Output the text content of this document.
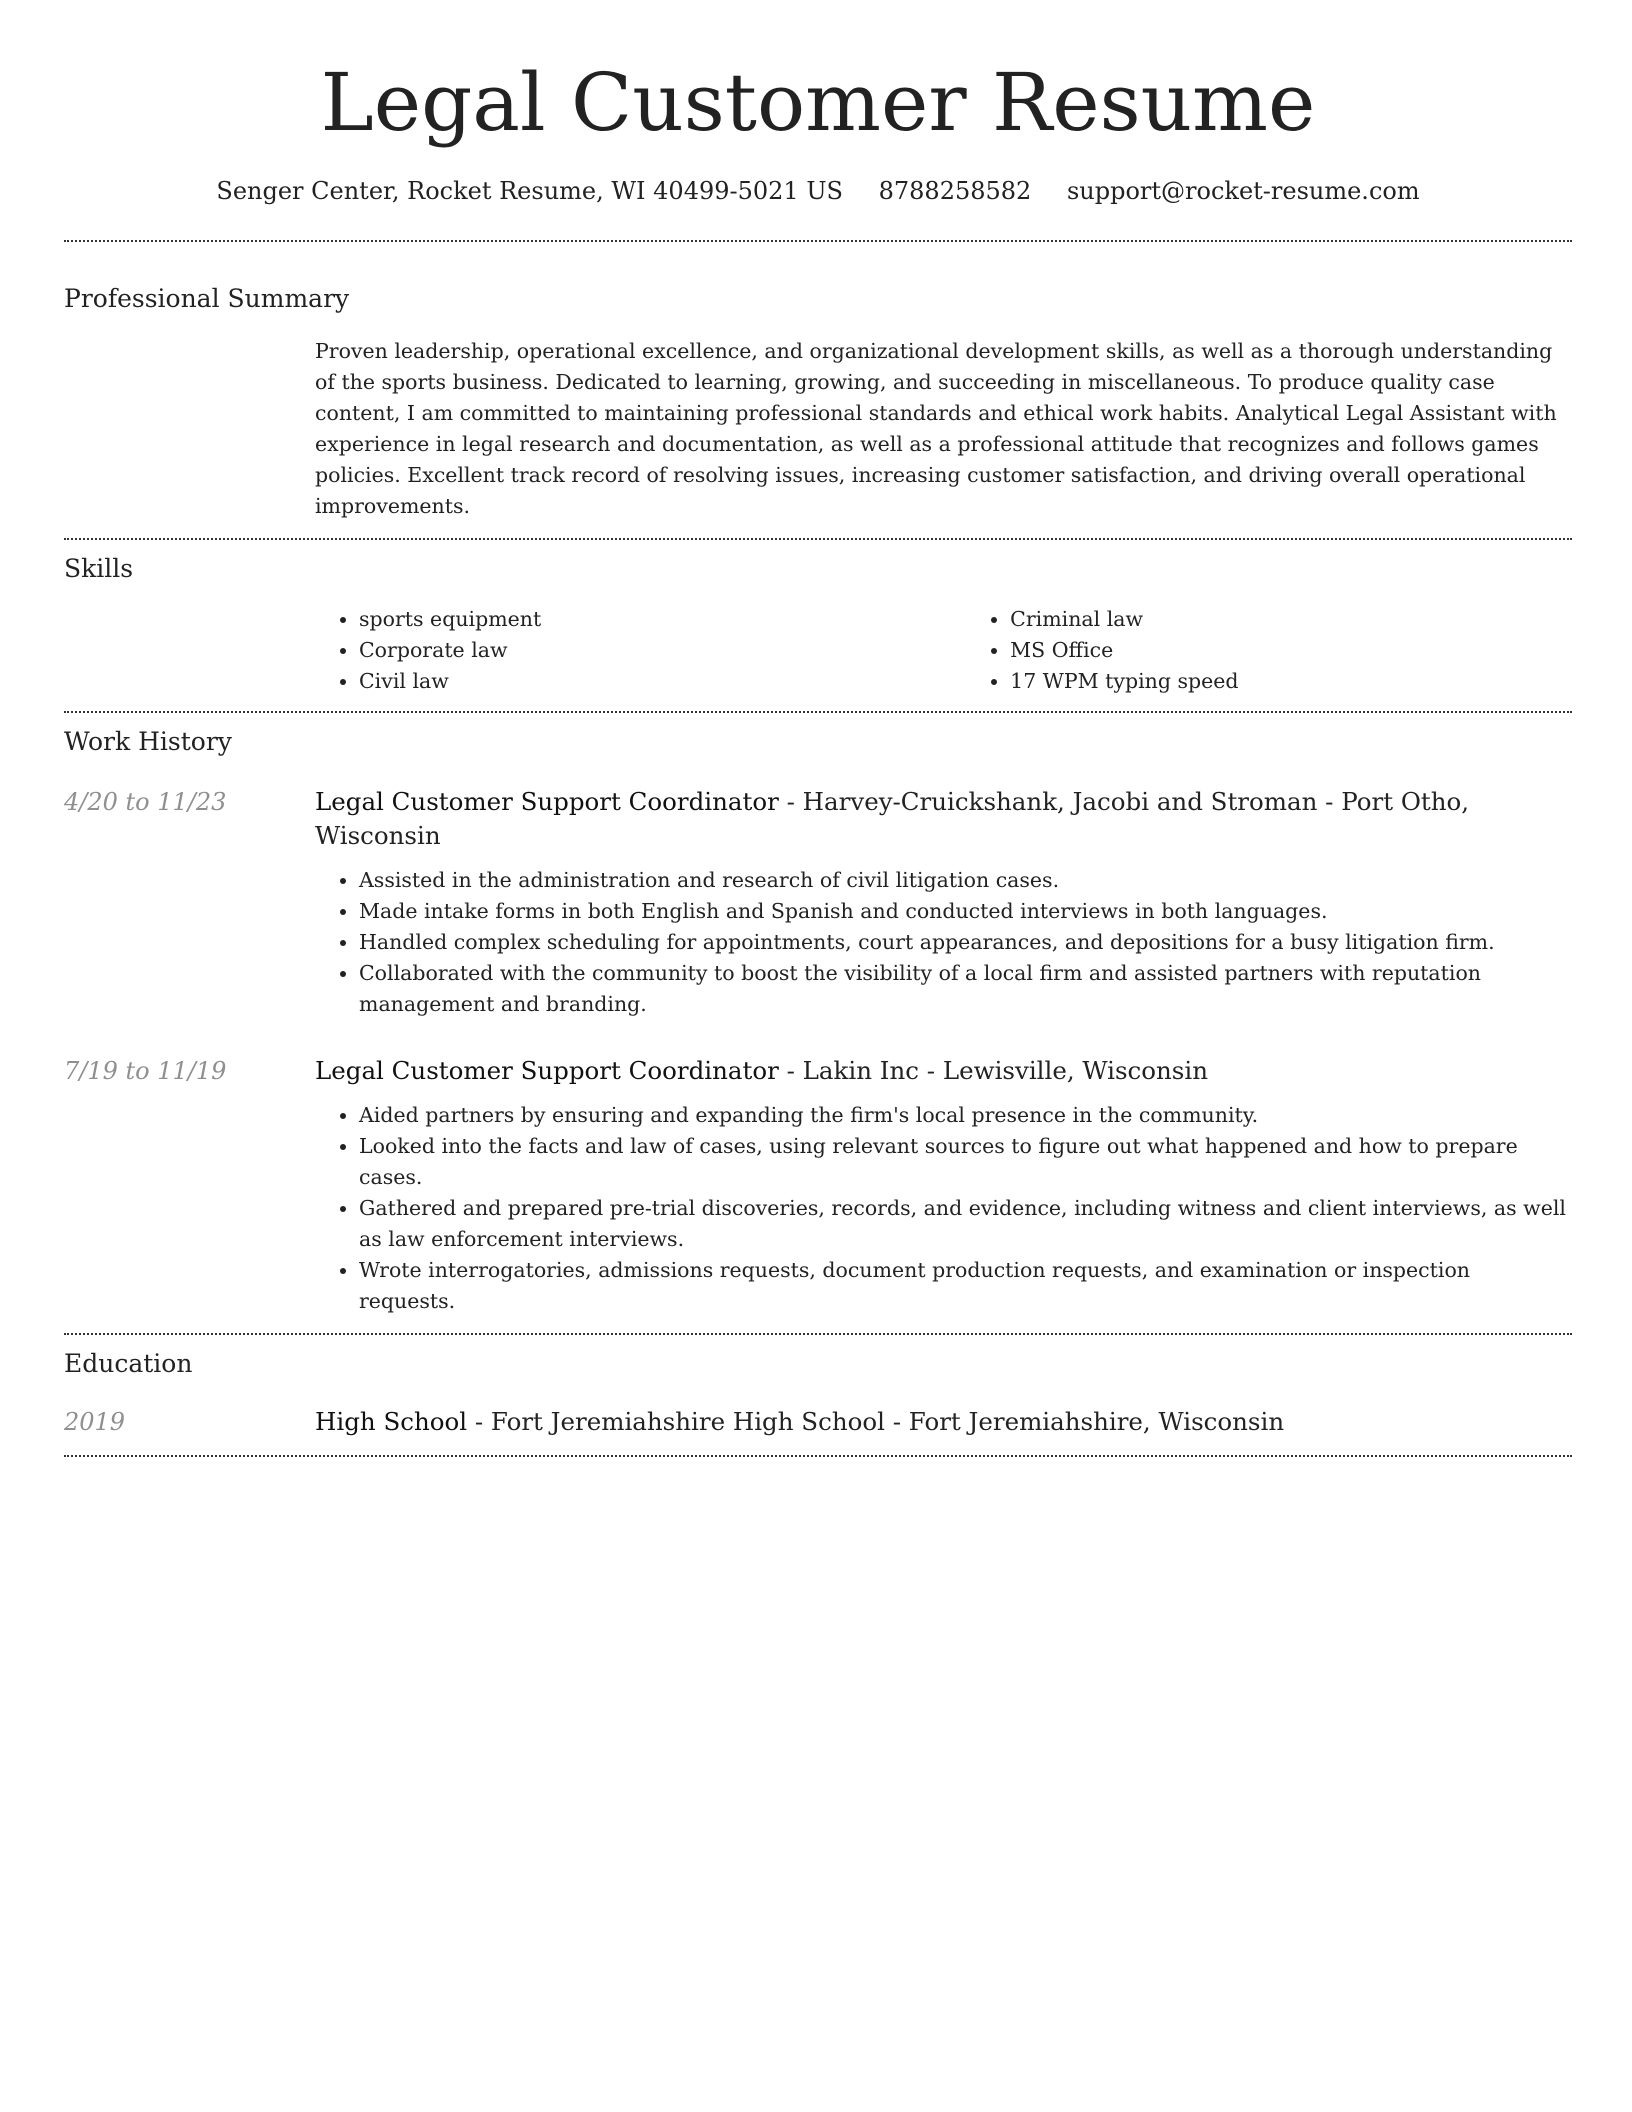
Legal Customer Resume
Senger Center, Rocket Resume, WI 40499-5021 US 8788258582 support@rocket-resume.com
Professional Summary
Proven leadership, operational excellence, and organizational development skills, as well as a thorough understanding of the sports business. Dedicated to learning, growing, and succeeding in miscellaneous. To produce quality case content, I am committed to maintaining professional standards and ethical work habits. Analytical Legal Assistant with experience in legal research and documentation, as well as a professional attitude that recognizes and follows games policies. Excellent track record of resolving issues, increasing customer satisfaction, and driving overall operational improvements.
Skills
• sports equipment
• Corporate law
• Civil law
• Criminal law
• MS Office
• 17 WPM typing speed
Work History
4/20 to 11/23	Legal Customer Support Coordinator - Harvey-Cruickshank, Jacobi and Stroman - Port Otho, Wisconsin
• Assisted in the administration and research of civil litigation cases.
• Made intake forms in both English and Spanish and conducted interviews in both languages.
• Handled complex scheduling for appointments, court appearances, and depositions for a busy litigation firm.
• Collaborated with the community to boost the visibility of a local firm and assisted partners with reputation management and branding.
7/19 to 11/19	Legal Customer Support Coordinator - Lakin Inc - Lewisville, Wisconsin
• Aided partners by ensuring and expanding the firm's local presence in the community.
• Looked into the facts and law of cases, using relevant sources to figure out what happened and how to prepare cases.
• Gathered and prepared pre-trial discoveries, records, and evidence, including witness and client interviews, as well as law enforcement interviews.
• Wrote interrogatories, admissions requests, document production requests, and examination or inspection requests.
Education
2019	High School - Fort Jeremiahshire High School - Fort Jeremiahshire, Wisconsin
